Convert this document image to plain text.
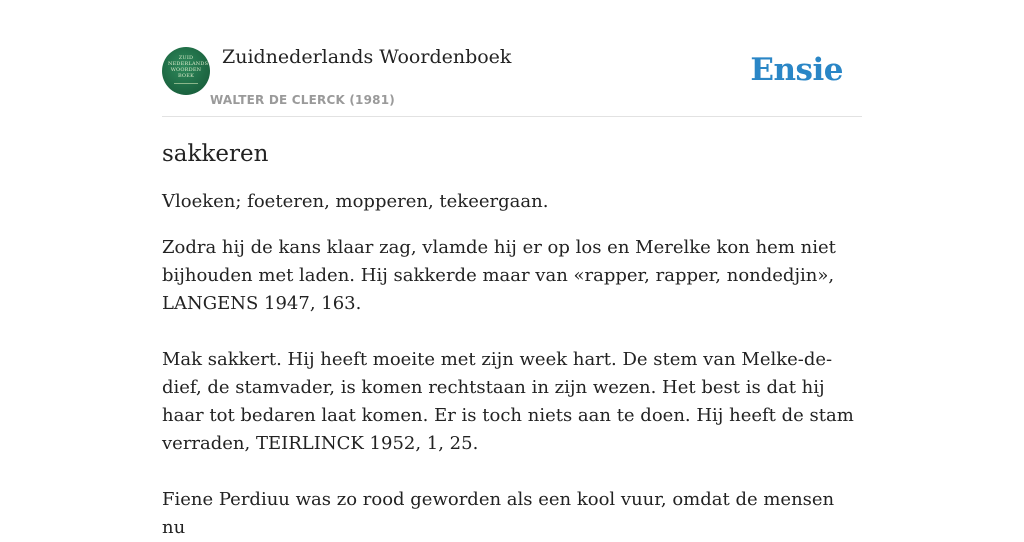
ZUID
NEDERLANDS
WOORDEN
BOEK
Zuidnederlands Woordenboek
WALTER DE CLERCK (1981)
Ensie
sakkeren

Vloeken; foeteren, mopperen, tekeergaan.

Zodra hij de kans klaar zag, vlamde hij er op los en Merelke kon hem niet bijhouden met laden. Hij sakkerde maar van «rapper, rapper, nondedjin», LANGENS 1947, 163.

Mak sakkert. Hij heeft moeite met zijn week hart. De stem van Melke-de-dief, de stamvader, is komen rechtstaan in zijn wezen. Het best is dat hij haar tot bedaren laat komen. Er is toch niets aan te doen. Hij heeft de stam verraden, TEIRLINCK 1952, 1, 25.

Fiene Perdiuu was zo rood geworden als een kool vuur, omdat de mensen nu
